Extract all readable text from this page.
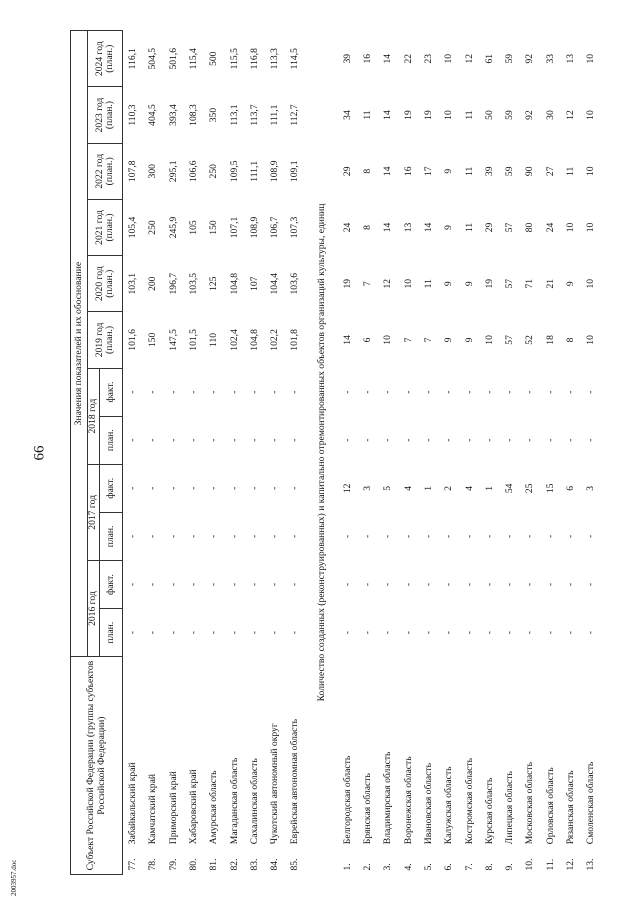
66
2003957.doc
Субъект Российской Федерации (группы субъектов Российской Федерации)		Значения показателей и их обоснование											
		2016 год		2017 год		2018 год		2019 год (план.)	2020 год (план.)	2021 год (план.)	2022 год (план.)	2023 год (план.)	2024 год (план.)
		план.	факт.	план.	факт.	план.	факт.						
77.	Забайкальский край	-	-	-	-	-	-	101,6	103,1	105,4	107,8	110,3	116,1
78.	Камчатский край	-	-	-	-	-	-	150	200	250	300	404,5	504,5
79.	Приморский край	-	-	-	-	-	-	147,5	196,7	245,9	295,1	393,4	501,6
80.	Хабаровский край	-	-	-	-	-	-	101,5	103,5	105	106,6	108,3	115,4
81.	Амурская область	-	-	-	-	-	-	110	125	150	250	350	500
82.	Магаданская область	-	-	-	-	-	-	102,4	104,8	107,1	109,5	113,1	115,5
83.	Сахалинская область	-	-	-	-	-	-	104,8	107	108,9	111,1	113,7	116,8
84.	Чукотский автономный округ	-	-	-	-	-	-	102,2	104,4	106,7	108,9	111,1	113,3
85.	Еврейская автономная область	-	-	-	-	-	-	101,8	103,6	107,3	109,1	112,7	114,5

Количество созданных (реконструированных) и капитально отремонтированных объектов организаций культуры, единиц													

1.	Белгородская область	-	-	-	12	-	-	14	19	24	29	34	39
2.	Брянская область	-	-	-	3	-	-	6	7	8	8	11	16
3.	Владимирская область	-	-	-	5	-	-	10	12	14	14	14	14
4.	Воронежская область	-	-	-	4	-	-	7	10	13	16	19	22
5.	Ивановская область	-	-	-	1	-	-	7	11	14	17	19	23
6.	Калужская область	-	-	-	2	-	-	9	9	9	9	10	10
7.	Костромская область	-	-	-	4	-	-	9	9	11	11	11	12
8.	Курская область	-	-	-	1	-	-	10	19	29	39	50	61
9.	Липецкая область	-	-	-	54	-	-	57	57	57	59	59	59
10.	Московская область	-	-	-	25	-	-	52	71	80	90	92	92
11.	Орловская область	-	-	-	15	-	-	18	21	24	27	30	33
12.	Рязанская область	-	-	-	6	-	-	8	9	10	11	12	13
13.	Смоленская область	-	-	-	3	-	-	10	10	10	10	10	10
